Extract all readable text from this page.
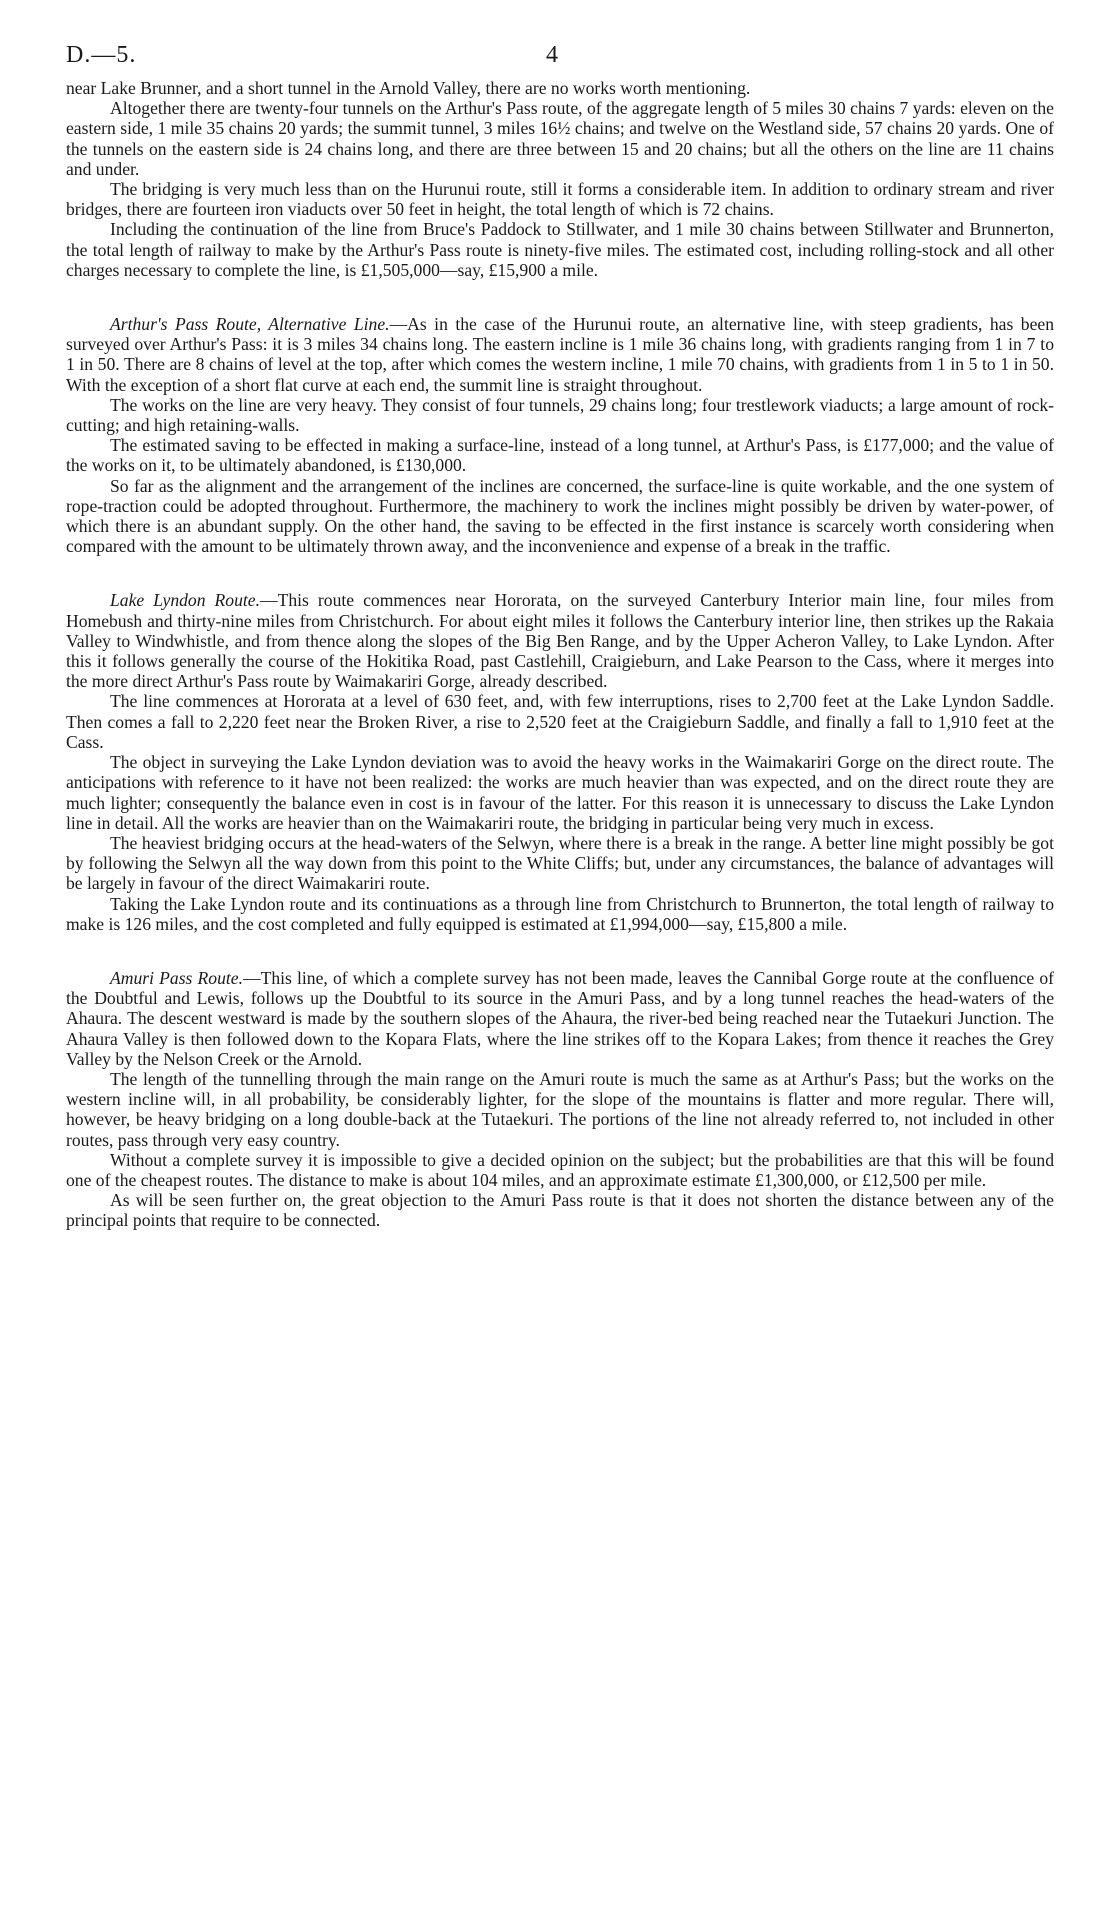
D.—5.	4

near Lake Brunner, and a short tunnel in the Arnold Valley, there are no works worth mentioning.

Altogether there are twenty-four tunnels on the Arthur's Pass route, of the aggregate length of 5 miles 30 chains 7 yards: eleven on the eastern side, 1 mile 35 chains 20 yards; the summit tunnel, 3 miles 16½ chains; and twelve on the Westland side, 57 chains 20 yards. One of the tunnels on the eastern side is 24 chains long, and there are three between 15 and 20 chains; but all the others on the line are 11 chains and under.

The bridging is very much less than on the Hurunui route, still it forms a considerable item. In addition to ordinary stream and river bridges, there are fourteen iron viaducts over 50 feet in height, the total length of which is 72 chains.

Including the continuation of the line from Bruce's Paddock to Stillwater, and 1 mile 30 chains between Stillwater and Brunnerton, the total length of railway to make by the Arthur's Pass route is ninety-five miles. The estimated cost, including rolling-stock and all other charges necessary to complete the line, is £1,505,000—say, £15,900 a mile.

Arthur's Pass Route, Alternative Line.—As in the case of the Hurunui route, an alternative line, with steep gradients, has been surveyed over Arthur's Pass: it is 3 miles 34 chains long. The eastern incline is 1 mile 36 chains long, with gradients ranging from 1 in 7 to 1 in 50. There are 8 chains of level at the top, after which comes the western incline, 1 mile 70 chains, with gradients from 1 in 5 to 1 in 50. With the exception of a short flat curve at each end, the summit line is straight throughout.

The works on the line are very heavy. They consist of four tunnels, 29 chains long; four trestlework viaducts; a large amount of rock-cutting; and high retaining-walls.

The estimated saving to be effected in making a surface-line, instead of a long tunnel, at Arthur's Pass, is £177,000; and the value of the works on it, to be ultimately abandoned, is £130,000.

So far as the alignment and the arrangement of the inclines are concerned, the surface-line is quite workable, and the one system of rope-traction could be adopted throughout. Furthermore, the machinery to work the inclines might possibly be driven by water-power, of which there is an abundant supply. On the other hand, the saving to be effected in the first instance is scarcely worth considering when compared with the amount to be ultimately thrown away, and the inconvenience and expense of a break in the traffic.

Lake Lyndon Route.—This route commences near Hororata, on the surveyed Canterbury Interior main line, four miles from Homebush and thirty-nine miles from Christchurch. For about eight miles it follows the Canterbury interior line, then strikes up the Rakaia Valley to Windwhistle, and from thence along the slopes of the Big Ben Range, and by the Upper Acheron Valley, to Lake Lyndon. After this it follows generally the course of the Hokitika Road, past Castlehill, Craigieburn, and Lake Pearson to the Cass, where it merges into the more direct Arthur's Pass route by Waimakariri Gorge, already described.

The line commences at Hororata at a level of 630 feet, and, with few interruptions, rises to 2,700 feet at the Lake Lyndon Saddle. Then comes a fall to 2,220 feet near the Broken River, a rise to 2,520 feet at the Craigieburn Saddle, and finally a fall to 1,910 feet at the Cass.

The object in surveying the Lake Lyndon deviation was to avoid the heavy works in the Waimakariri Gorge on the direct route. The anticipations with reference to it have not been realized: the works are much heavier than was expected, and on the direct route they are much lighter; consequently the balance even in cost is in favour of the latter. For this reason it is unnecessary to discuss the Lake Lyndon line in detail. All the works are heavier than on the Waimakariri route, the bridging in particular being very much in excess.

The heaviest bridging occurs at the head-waters of the Selwyn, where there is a break in the range. A better line might possibly be got by following the Selwyn all the way down from this point to the White Cliffs; but, under any circumstances, the balance of advantages will be largely in favour of the direct Waimakariri route.

Taking the Lake Lyndon route and its continuations as a through line from Christchurch to Brunnerton, the total length of railway to make is 126 miles, and the cost completed and fully equipped is estimated at £1,994,000—say, £15,800 a mile.

Amuri Pass Route.—This line, of which a complete survey has not been made, leaves the Cannibal Gorge route at the confluence of the Doubtful and Lewis, follows up the Doubtful to its source in the Amuri Pass, and by a long tunnel reaches the head-waters of the Ahaura. The descent westward is made by the southern slopes of the Ahaura, the river-bed being reached near the Tutaekuri Junction. The Ahaura Valley is then followed down to the Kopara Flats, where the line strikes off to the Kopara Lakes; from thence it reaches the Grey Valley by the Nelson Creek or the Arnold.

The length of the tunnelling through the main range on the Amuri route is much the same as at Arthur's Pass; but the works on the western incline will, in all probability, be considerably lighter, for the slope of the mountains is flatter and more regular. There will, however, be heavy bridging on a long double-back at the Tutaekuri. The portions of the line not already referred to, not included in other routes, pass through very easy country.

Without a complete survey it is impossible to give a decided opinion on the subject; but the probabilities are that this will be found one of the cheapest routes. The distance to make is about 104 miles, and an approximate estimate £1,300,000, or £12,500 per mile.

As will be seen further on, the great objection to the Amuri Pass route is that it does not shorten the distance between any of the principal points that require to be connected.
